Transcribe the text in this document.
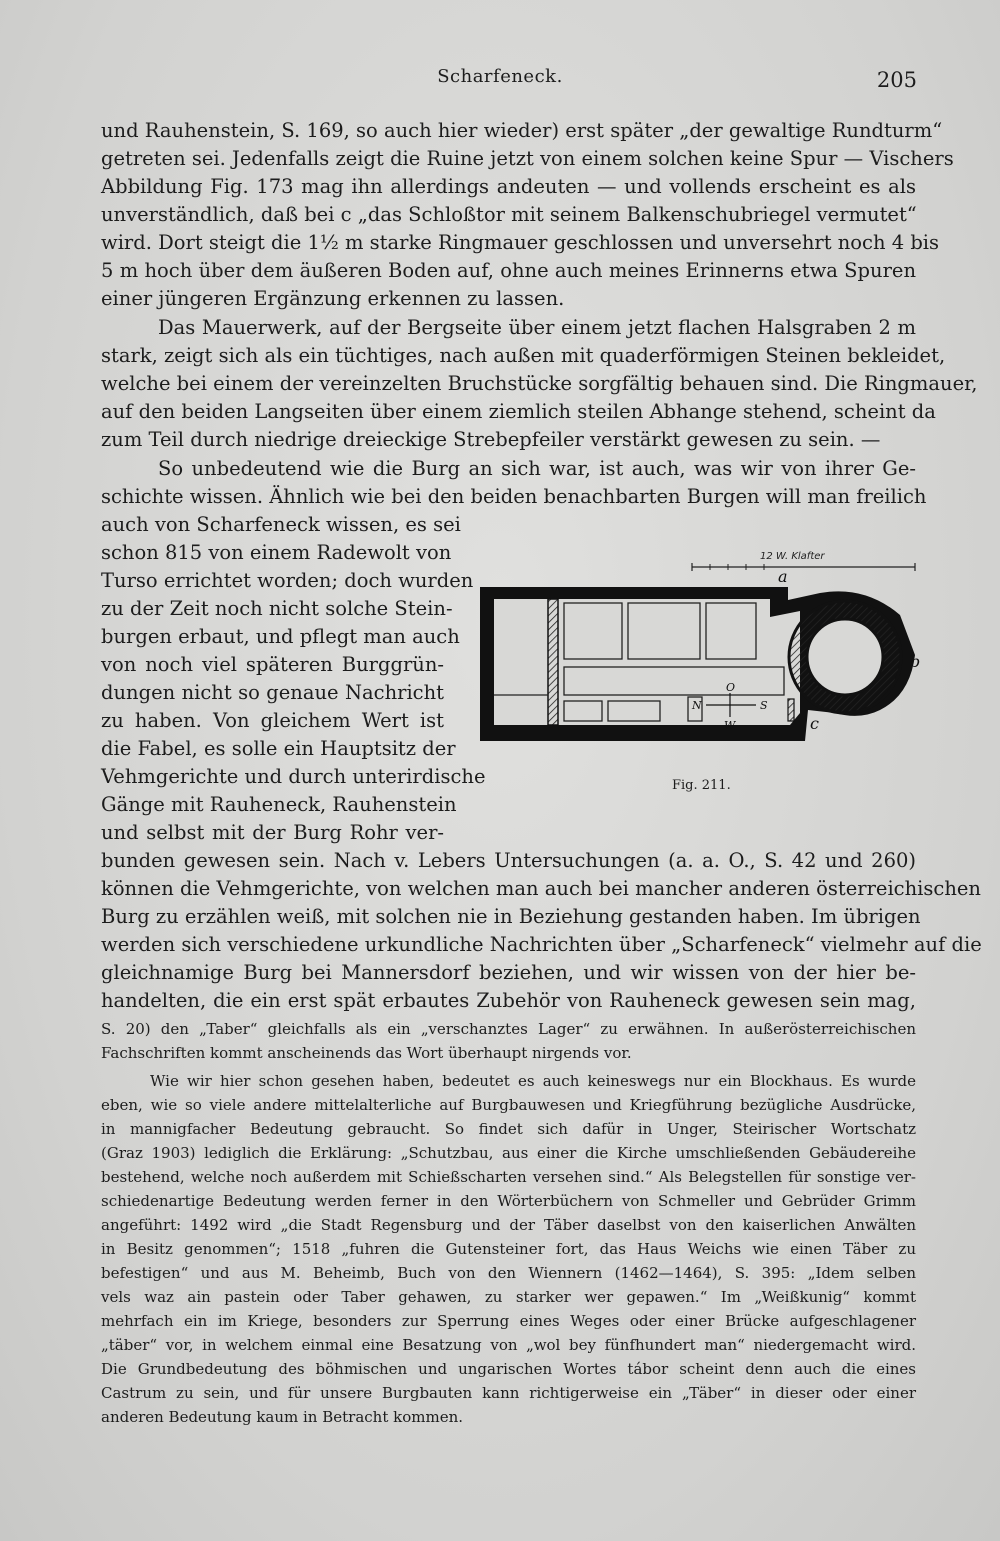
Scharfeneck.	205
und Rauhenstein, S. 169, so auch hier wieder) erst später „der gewaltige Rundturm“
getreten sei. Jedenfalls zeigt die Ruine jetzt von einem solchen keine Spur — Vischers
Abbildung Fig. 173 mag ihn allerdings andeuten — und vollends erscheint es als
unverständlich, daß bei c „das Schloßtor mit seinem Balkenschubriegel vermutet“
wird. Dort steigt die 1½ m starke Ringmauer geschlossen und unversehrt noch 4 bis
5 m hoch über dem äußeren Boden auf, ohne auch meines Erinnerns etwa Spuren
einer jüngeren Ergänzung erkennen zu lassen.
Das Mauerwerk, auf der Bergseite über einem jetzt flachen Halsgraben 2 m
stark, zeigt sich als ein tüchtiges, nach außen mit quaderförmigen Steinen bekleidet,
welche bei einem der vereinzelten Bruchstücke sorgfältig behauen sind. Die Ringmauer,
auf den beiden Langseiten über einem ziemlich steilen Abhange stehend, scheint da
zum Teil durch niedrige dreieckige Strebepfeiler verstärkt gewesen zu sein. —
So unbedeutend wie die Burg an sich war, ist auch, was wir von ihrer Ge-
schichte wissen. Ähnlich wie bei den beiden benachbarten Burgen will man freilich
auch von Scharfeneck wissen, es sei
schon 815 von einem Radewolt von
Turso errichtet worden; doch wurden
zu der Zeit noch nicht solche Stein-
burgen erbaut, und pflegt man auch
von noch viel späteren Burggrün-
dungen nicht so genaue Nachricht
zu haben. Von gleichem Wert ist
die Fabel, es solle ein Hauptsitz der
Vehmgerichte und durch unterirdische
Gänge mit Rauheneck, Rauhenstein
und selbst mit der Burg Rohr ver-
bunden gewesen sein. Nach v. Lebers Untersuchungen (a. a. O., S. 42 und 260)
können die Vehmgerichte, von welchen man auch bei mancher anderen österreichischen
Burg zu erzählen weiß, mit solchen nie in Beziehung gestanden haben. Im übrigen
werden sich verschiedene urkundliche Nachrichten über „Scharfeneck“ vielmehr auf die
gleichnamige Burg bei Mannersdorf beziehen, und wir wissen von der hier be-
handelten, die ein erst spät erbautes Zubehör von Rauheneck gewesen sein mag,
S. 20) den „Taber“ gleichfalls als ein „verschanztes Lager“ zu erwähnen. In außerösterreichischen
Fachschriften kommt anscheinends das Wort überhaupt nirgends vor.
Wie wir hier schon gesehen haben, bedeutet es auch keineswegs nur ein Blockhaus. Es wurde
eben, wie so viele andere mittelalterliche auf Burgbauwesen und Kriegführung bezügliche Ausdrücke,
in mannigfacher Bedeutung gebraucht. So findet sich dafür in Unger, Steirischer Wortschatz
(Graz 1903) lediglich die Erklärung: „Schutzbau, aus einer die Kirche umschließenden Gebäudereihe
bestehend, welche noch außerdem mit Schießscharten versehen sind.“ Als Belegstellen für sonstige ver-
schiedenartige Bedeutung werden ferner in den Wörterbüchern von Schmeller und Gebrüder Grimm
angeführt: 1492 wird „die Stadt Regensburg und der Täber daselbst von den kaiserlichen Anwälten
in Besitz genommen“; 1518 „fuhren die Gutensteiner fort, das Haus Weichs wie einen Täber zu
befestigen“ und aus M. Beheimb, Buch von den Wiennern (1462—1464), S. 395: „Idem selben
vels waz ain pastein oder Taber gehawen, zu starker wer gepawen.“ Im „Weißkunig“ kommt
mehrfach ein im Kriege, besonders zur Sperrung eines Weges oder einer Brücke aufgeschlagener
„täber“ vor, in welchem einmal eine Besatzung von „wol bey fünfhundert man“ niedergemacht wird.
Die Grundbedeutung des böhmischen und ungarischen Wortes tábor scheint denn auch die eines
Castrum zu sein, und für unsere Burgbauten kann richtigerweise ein „Täber“ in dieser oder einer
anderen Bedeutung kaum in Betracht kommen.
12 W. Klafter
a
b
c
N	S
O
W
Fig. 211.
